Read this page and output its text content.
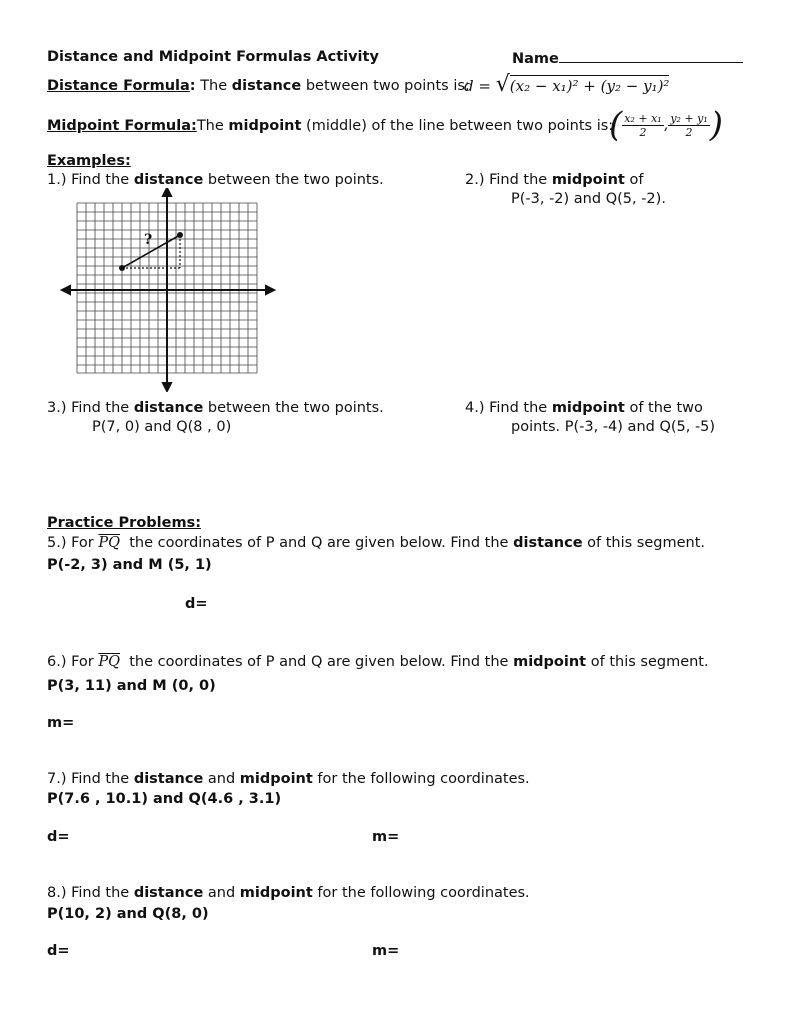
Distance and Midpoint Formulas Activity	Name
Distance Formula: The distance between two points is:
d = √(x₂ − x₁)² + (y₂ − y₁)²
Midpoint Formula:The midpoint (middle) of the line between two points is:
( $\frac{\text{x₂ + x₁}}{2}$ , $\frac{\text{y₂ + y₁}}{2}$ )
Examples:
1.) Find the distance between the two points.
?
2.) Find the midpoint of
P(-3, -2) and Q(5, -2).
3.) Find the distance between the two points.
P(7, 0) and Q(8 , 0)
4.) Find the midpoint of the two
points. P(-3, -4) and Q(5, -5)
Practice Problems:
5.) For $\overline{PQ}$ the coordinates of P and Q are given below. Find the distance of this segment.
P(-2, 3) and M (5, 1)
d=
6.) For $\overline{PQ}$ the coordinates of P and Q are given below. Find the midpoint of this segment.
P(3, 11) and M (0, 0)
m=
7.) Find the distance and midpoint for the following coordinates.
P(7.6 , 10.1) and Q(4.6 , 3.1)
d=	m=
8.) Find the distance and midpoint for the following coordinates.
P(10, 2) and Q(8, 0)
d=	m=
